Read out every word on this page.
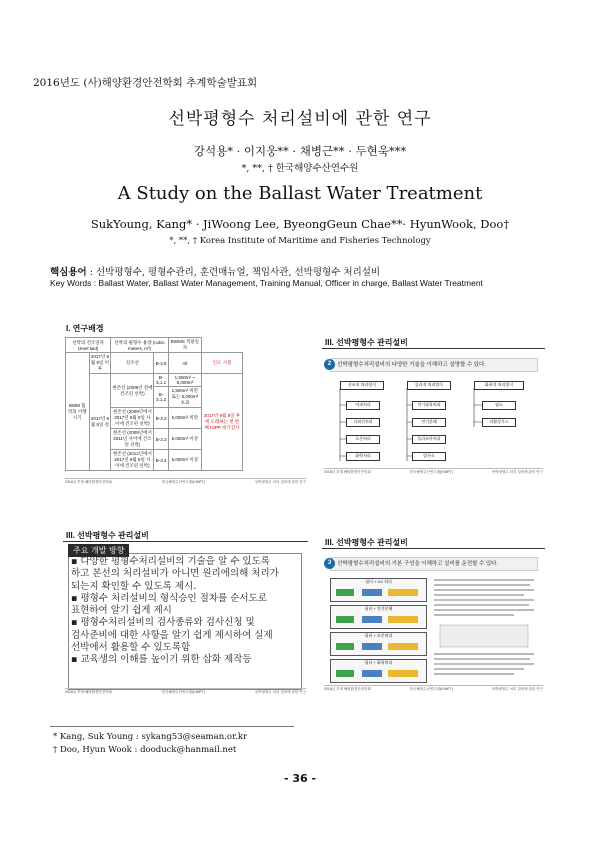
2016년도 (사)해양환경안전학회 추계학술발표회
선박평형수 처리설비에 관한 연구
강석용* · 이지웅** · 채병근** · 두현욱***
*, **, † 한국해양수산연수원
A Study on the Ballast Water Treatment
SukYoung, Kang* · JiWoong Lee, ByeongGeun Chae**· HyunWook, Doo†
*, **, † Korea Institute of Maritime and Fisheries Technology
핵심용어 : 선박평형수, 평형수관리, 훈련매뉴얼, 책임사관, 선박평형수 처리설비
Key Words : Ballast Water, Ballast Water Management, Training Manual, Officer in charge, Ballast Water Treatment
I. 연구배경
선박의 건조일자 (Keel laid)		선박의 평형수 용량 (cubic meters, m³)		BWMS 적용일자	
BWM 협약의 이행시기	2017년 9월 8일 이후	신조선	B-3.5	All	인도 시점
	2017년 9월 8일 전	현존선 (2009년 전에 건조된 선박)	B-3.1.1	1,500m³ ~ 5,000m³	2017년 9월 8일 후에 도래하는 첫 번째 IOPP 정기검사
			B-3.1.2	1,500m³ 미만 또는 5,000m³ 초과	
		현존선 (2009년에서 2017년 9월 8일 사이에 건조된 선박)	B-3.2	5,000m³ 미만	
		현존선 (2009년에서 2011년 사이에 건조된 선박)	B-3.3	5,000m³ 이상	
		현존선 (2012년에서 2017년 9월 8일 사이에 건조된 선박)	B-3.4	5,000m³ 이상	
2016년 추계 해양환경안전학회	한국해양수산연수원(KIMFT)	선박평형수 처리 설비에 관한 연구
III. 선박평형수 관리설비
선박평형수처리설비의 다양한 기술을 이해하고 설명할 수 있다.
2
선조처 처리방식	물리적 처리방식	화학적 처리방식
여과처리	전기화학처리	염소
자외선처리	전기분해	비활성가스
오존처리	플라즈마처리
화학처리	탈산소
2016년 추계 해양환경안전학회	한국해양수산연수원(KIMFT)	선박평형수 처리 설비에 관한 연구
III. 선박평형수 관리설비
주요 개발 방향
▪ 다양한 평형수처리설비의 기술을 알 수 있도록
하고 본선의 처리설비가 아니면 원리에의해 처리가
되는지 확인할 수 있도록 제시.
▪ 평형수 처리설비의 형식승인 절차를 순서도로
표현하여 알기 쉽게 제시
▪ 평형수처리설비의 검사종류와 검사신청 및
검사준비에 대한 사항을 알기 쉽게 제시하여 실제
선박에서 활용할 수 있도록함
▪ 교육생의 이해를 높이기 위한 삽화 제작등
2016년 추계 해양환경안전학회	한국해양수산연수원(KIMFT)	선박평형수 처리 설비에 관한 연구
III. 선박평형수 관리설비
선박평형수처리설비의 기본 구성을 이해하고 설비를 운전할 수 있다.
3
필터 + UV 처리
필터 + 전기분해
필터 + 오존처리
필터 + 화학처리
2016년 추계 해양환경안전학회	한국해양수산연수원(KIMFT)	선박평형수 처리 설비에 관한 연구
* Kang, Suk Young : sykang53@seaman.or.kr
† Doo, Hyun Wook : dooduck@hanmail.net
- 36 -
